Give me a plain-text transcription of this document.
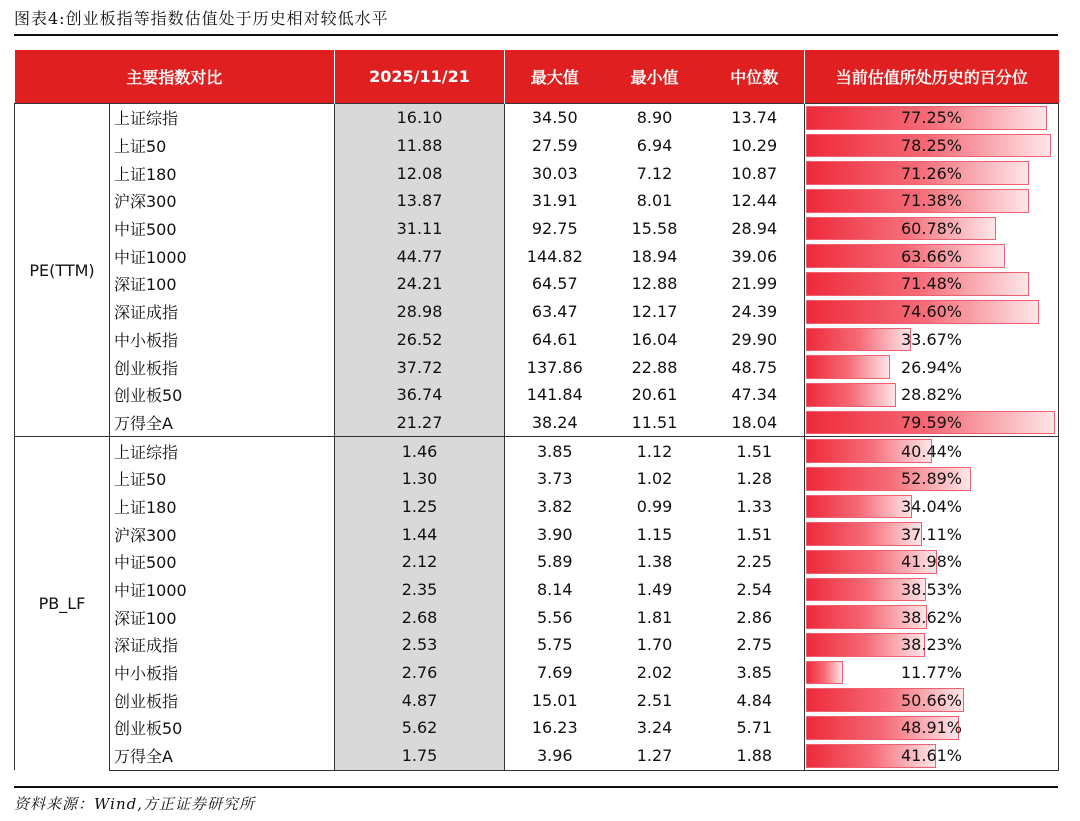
图表4:创业板指等指数估值处于历史相对较低水平
主要指数对比		2025/11/21	最大值	最小值	中位数	当前估值所处历史的百分位
PE(TTM)	上证综指	16.10	34.50	8.90	13.74	77.25%

	上证50	11.88	27.59	6.94	10.29	78.25%

	上证180	12.08	30.03	7.12	10.87	71.26%

	沪深300	13.87	31.91	8.01	12.44	71.38%

	中证500	31.11	92.75	15.58	28.94	60.78%

	中证1000	44.77	144.82	18.94	39.06	63.66%

	深证100	24.21	64.57	12.88	21.99	71.48%

	深证成指	28.98	63.47	12.17	24.39	74.60%

	中小板指	26.52	64.61	16.04	29.90	33.67%

	创业板指	37.72	137.86	22.88	48.75	26.94%

	创业板50	36.74	141.84	20.61	47.34	28.82%

	万得全A	21.27	38.24	11.51	18.04	79.59%

PB_LF	上证综指	1.46	3.85	1.12	1.51	40.44%

	上证50	1.30	3.73	1.02	1.28	52.89%

	上证180	1.25	3.82	0.99	1.33	34.04%

	沪深300	1.44	3.90	1.15	1.51	37.11%

	中证500	2.12	5.89	1.38	2.25	41.98%

	中证1000	2.35	8.14	1.49	2.54	38.53%

	深证100	2.68	5.56	1.81	2.86	38.62%

	深证成指	2.53	5.75	1.70	2.75	38.23%

	中小板指	2.76	7.69	2.02	3.85	11.77%

	创业板指	4.87	15.01	2.51	4.84	50.66%

	创业板50	5.62	16.23	3.24	5.71	48.91%

	万得全A	1.75	3.96	1.27	1.88	41.61%
资料来源：Wind,方正证券研究所
